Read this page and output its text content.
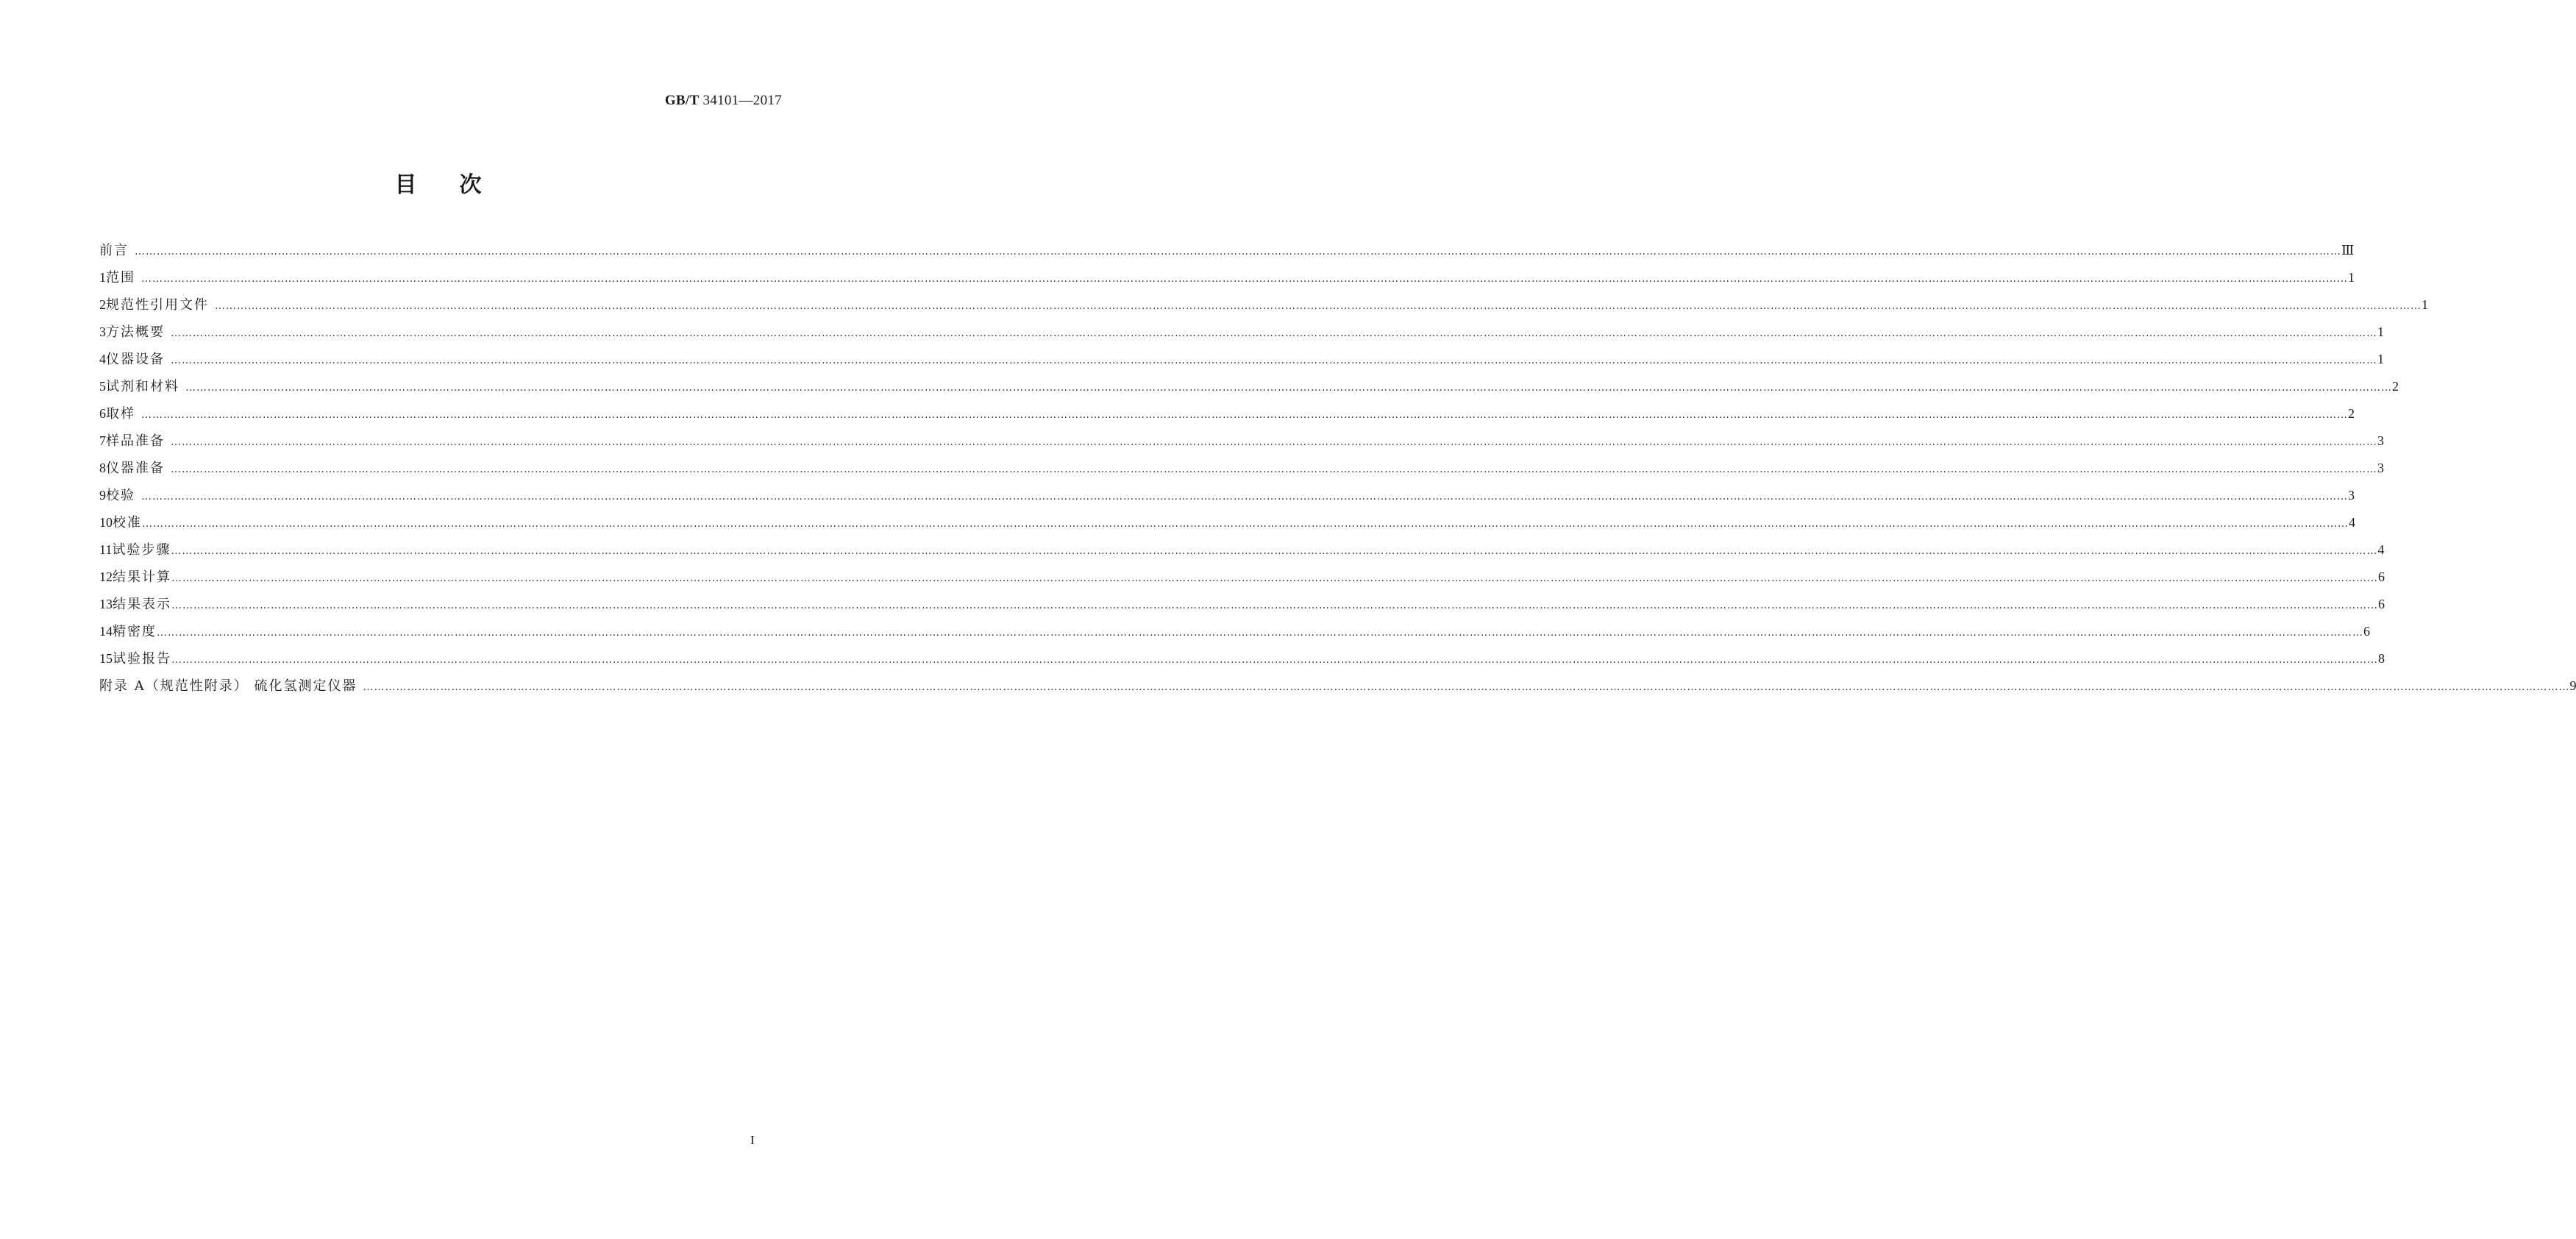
GB/T 34101—2017
目次
前言 …………………………………………………………………………………………………………………………………………………………………………………………………………………………………………………………………………………………………………………………………………………………………………………………………………………………………………………………………………………………………………………………………………………… Ⅲ
1 范围 …………………………………………………………………………………………………………………………………………………………………………………………………………………………………………………………………………………………………………………………………………………………………………………………………………………………………………………………………………………………………………………………………………………… 1
2 规范性引用文件 …………………………………………………………………………………………………………………………………………………………………………………………………………………………………………………………………………………………………………………………………………………………………………………………………………………………………………………………………………………………………………………………………………………… 1
3 方法概要 …………………………………………………………………………………………………………………………………………………………………………………………………………………………………………………………………………………………………………………………………………………………………………………………………………………………………………………………………………………………………………………………………………………… 1
4 仪器设备 …………………………………………………………………………………………………………………………………………………………………………………………………………………………………………………………………………………………………………………………………………………………………………………………………………………………………………………………………………………………………………………………………………………… 1
5 试剂和材料 …………………………………………………………………………………………………………………………………………………………………………………………………………………………………………………………………………………………………………………………………………………………………………………………………………………………………………………………………………………………………………………………………………………… 2
6 取样 …………………………………………………………………………………………………………………………………………………………………………………………………………………………………………………………………………………………………………………………………………………………………………………………………………………………………………………………………………………………………………………………………………………… 2
7 样品准备 …………………………………………………………………………………………………………………………………………………………………………………………………………………………………………………………………………………………………………………………………………………………………………………………………………………………………………………………………………………………………………………………………………………… 3
8 仪器准备 …………………………………………………………………………………………………………………………………………………………………………………………………………………………………………………………………………………………………………………………………………………………………………………………………………………………………………………………………………………………………………………………………………………… 3
9 校验 …………………………………………………………………………………………………………………………………………………………………………………………………………………………………………………………………………………………………………………………………………………………………………………………………………………………………………………………………………………………………………………………………………………… 3
10 校准 …………………………………………………………………………………………………………………………………………………………………………………………………………………………………………………………………………………………………………………………………………………………………………………………………………………………………………………………………………………………………………………………………………………… 4
11 试验步骤 …………………………………………………………………………………………………………………………………………………………………………………………………………………………………………………………………………………………………………………………………………………………………………………………………………………………………………………………………………………………………………………………………………………… 4
12 结果计算 …………………………………………………………………………………………………………………………………………………………………………………………………………………………………………………………………………………………………………………………………………………………………………………………………………………………………………………………………………………………………………………………………………………… 6
13 结果表示 …………………………………………………………………………………………………………………………………………………………………………………………………………………………………………………………………………………………………………………………………………………………………………………………………………………………………………………………………………………………………………………………………………………… 6
14 精密度 …………………………………………………………………………………………………………………………………………………………………………………………………………………………………………………………………………………………………………………………………………………………………………………………………………………………………………………………………………………………………………………………………………………… 6
15 试验报告 …………………………………………………………………………………………………………………………………………………………………………………………………………………………………………………………………………………………………………………………………………………………………………………………………………………………………………………………………………………………………………………………………………………… 8
附录 A（规范性附录） 硫化氢测定仪器 …………………………………………………………………………………………………………………………………………………………………………………………………………………………………………………………………………………………………………………………………………………………………………………………………………………………………………………………………………………………………………………………………………………… 9
I
